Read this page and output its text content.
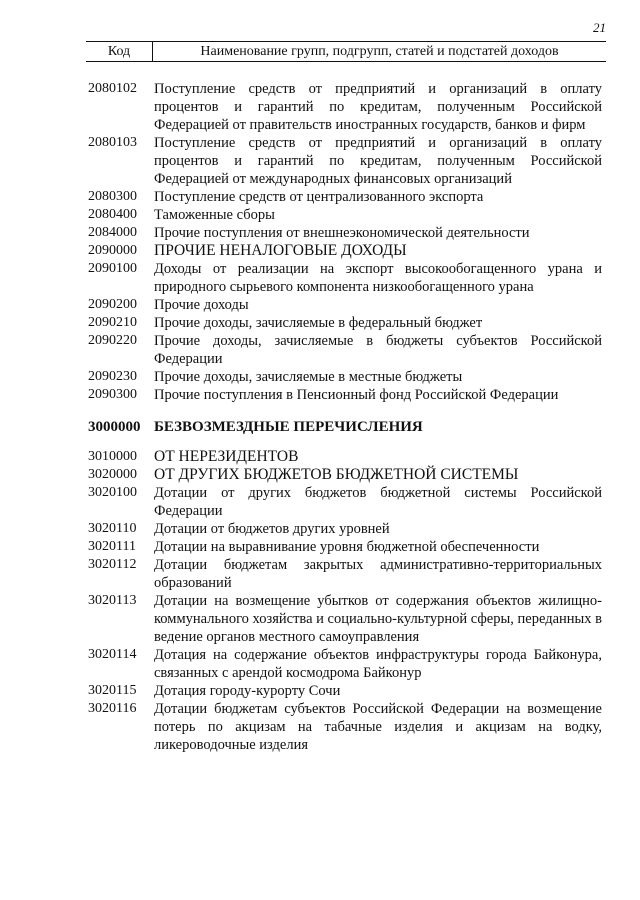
21
Код	Наименование групп, подгрупп, статей и подстатей доходов
2080102	Поступление средств от предприятий и организаций в оплату процентов и гарантий по кредитам, полученным Российской Федерацией от правительств иностранных государств, банков и фирм
2080103	Поступление средств от предприятий и организаций в оплату процентов и гарантий по кредитам, полученным Российской Федерацией от международных финансовых организаций
2080300	Поступление средств от централизованного экспорта
2080400	Таможенные сборы
2084000	Прочие поступления от внешнеэкономической деятельности
2090000	ПРОЧИЕ НЕНАЛОГОВЫЕ ДОХОДЫ
2090100	Доходы от реализации на экспорт высокообогащенного урана и природного сырьевого компонента низкообогащенного урана
2090200	Прочие доходы
2090210	Прочие доходы, зачисляемые в федеральный бюджет
2090220	Прочие доходы, зачисляемые в бюджеты субъектов Российской Федерации
2090230	Прочие доходы, зачисляемые в местные бюджеты
2090300	Прочие поступления в Пенсионный фонд Российской Федерации
3000000 БЕЗВОЗМЕЗДНЫЕ ПЕРЕЧИСЛЕНИЯ
3010000	ОТ НЕРЕЗИДЕНТОВ
3020000	ОТ ДРУГИХ БЮДЖЕТОВ БЮДЖЕТНОЙ СИСТЕМЫ
3020100	Дотации от других бюджетов бюджетной системы Российской Федерации
3020110	Дотации от бюджетов других уровней
3020111	Дотации на выравнивание уровня бюджетной обеспеченности
3020112	Дотации бюджетам закрытых административно-территориальных образований
3020113	Дотации на возмещение убытков от содержания объектов жилищно-коммунального хозяйства и социально-культурной сферы, переданных в ведение органов местного самоуправления
3020114	Дотация на содержание объектов инфраструктуры города Байконура, связанных с арендой космодрома Байконур
3020115	Дотация городу-курорту Сочи
3020116	Дотации бюджетам субъектов Российской Федерации на возмещение потерь по акцизам на табачные изделия и акцизам на водку, ликероводочные изделия
